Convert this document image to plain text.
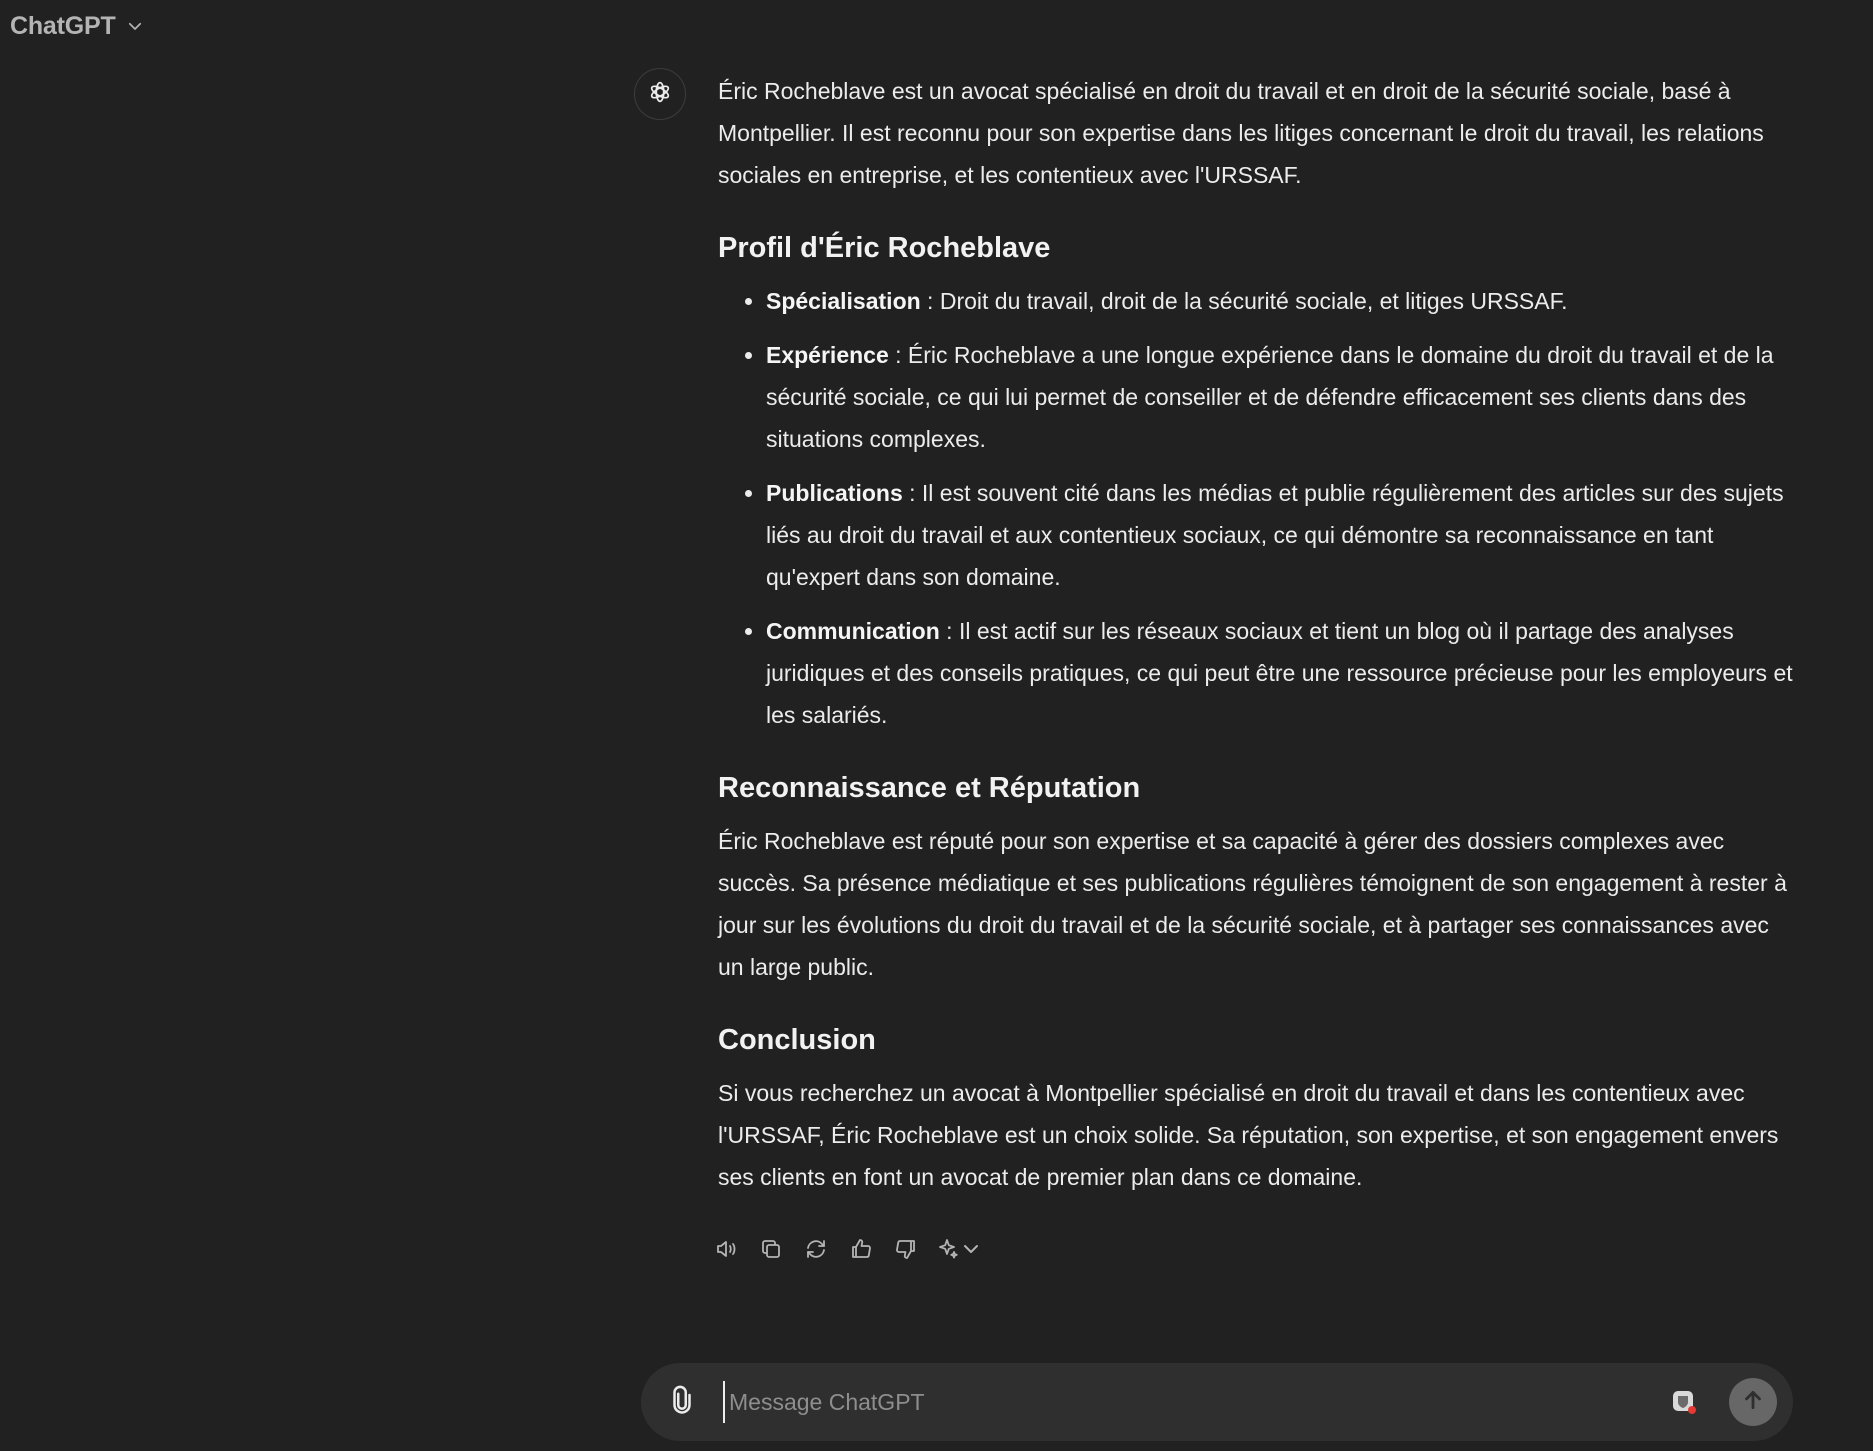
ChatGPT

Éric Rocheblave est un avocat spécialisé en droit du travail et en droit de la sécurité sociale, basé à Montpellier. Il est reconnu pour son expertise dans les litiges concernant le droit du travail, les relations sociales en entreprise, et les contentieux avec l'URSSAF.

Profil d'Éric Rocheblave
• Spécialisation : Droit du travail, droit de la sécurité sociale, et litiges URSSAF.
• Expérience : Éric Rocheblave a une longue expérience dans le domaine du droit du travail et de la sécurité sociale, ce qui lui permet de conseiller et de défendre efficacement ses clients dans des situations complexes.
• Publications : Il est souvent cité dans les médias et publie régulièrement des articles sur des sujets liés au droit du travail et aux contentieux sociaux, ce qui démontre sa reconnaissance en tant qu'expert dans son domaine.
• Communication : Il est actif sur les réseaux sociaux et tient un blog où il partage des analyses juridiques et des conseils pratiques, ce qui peut être une ressource précieuse pour les employeurs et les salariés.
Reconnaissance et Réputation

Éric Rocheblave est réputé pour son expertise et sa capacité à gérer des dossiers complexes avec succès. Sa présence médiatique et ses publications régulières témoignent de son engagement à rester à jour sur les évolutions du droit du travail et de la sécurité sociale, et à partager ses connaissances avec un large public.

Conclusion

Si vous recherchez un avocat à Montpellier spécialisé en droit du travail et dans les contentieux avec l'URSSAF, Éric Rocheblave est un choix solide. Sa réputation, son expertise, et son engagement envers ses clients en font un avocat de premier plan dans ce domaine.

Message ChatGPT
